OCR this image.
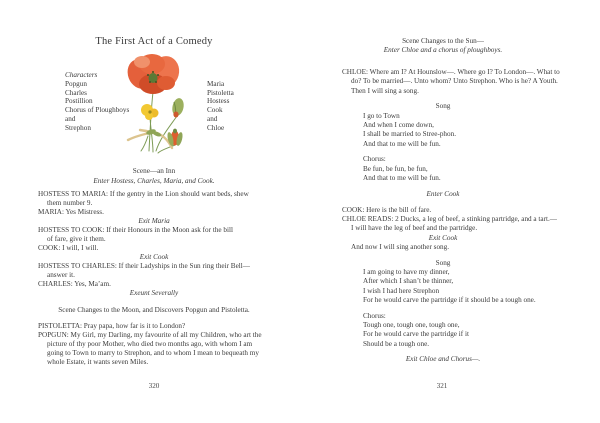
The First Act of a Comedy
Characters
Popgun
Charles
Postillion
Chorus of Ploughboys
and
Strephon
Maria
Pistoletta
Hostess
Cook
and
Chloe
Scene—an Inn
Enter Hostess, Charles, Maria, and Cook.
HOSTESS TO MARIA: If the gentry in the Lion should want beds, shew
them number 9.
MARIA: Yes Mistress.
Exit Maria
HOSTESS TO COOK: If their Honours in the Moon ask for the bill
of fare, give it them.
COOK: I will, I will.
Exit Cook
HOSTESS TO CHARLES: If their Ladyships in the Sun ring their Bell—
answer it.
CHARLES: Yes, Ma’am.
Exeunt Severally
Scene Changes to the Moon, and Discovers Popgun and Pistoletta.
PISTOLETTA: Pray papa, how far is it to London?
POPGUN: My Girl, my Darling, my favourite of all my Children, who art the
picture of thy poor Mother, who died two months ago, with whom I am
going to Town to marry to Strephon, and to whom I mean to bequeath my
whole Estate, it wants seven Miles.
320
Scene Changes to the Sun—
Enter Chloe and a chorus of ploughboys.
CHLOE: Where am I? At Hounslow—. Where go I? To London—. What to
do? To be married—. Unto whom? Unto Strephon. Who is he? A Youth.
Then I will sing a song.
Song
I go to Town
And when I come down,
I shall be married to Stree-phon.
And that to me will be fun.
Chorus:
Be fun, be fun, be fun,
And that to me will be fun.
Enter Cook
COOK: Here is the bill of fare.
CHLOE READS: 2 Ducks, a leg of beef, a stinking partridge, and a tart.—
I will have the leg of beef and the partridge.
Exit Cook
And now I will sing another song.
Song
I am going to have my dinner,
After which I shan’t be thinner,
I wish I had here Strephon
For he would carve the partridge if it should be a tough one.
Chorus:
Tough one, tough one, tough one,
For he would carve the partridge if it
Should be a tough one.
Exit Chloe and Chorus—.
321
